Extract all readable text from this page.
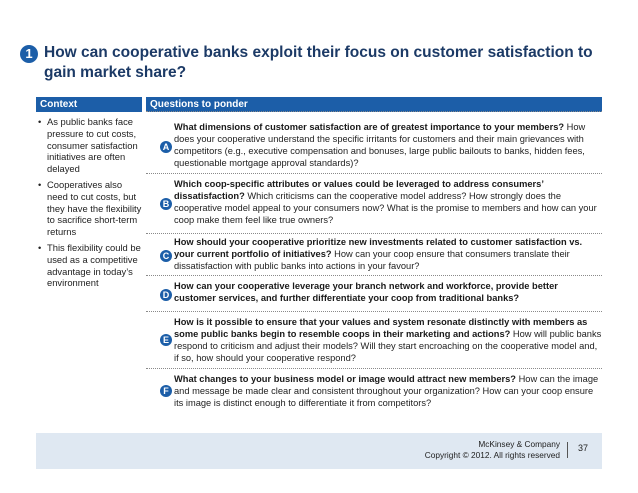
1 How can cooperative banks exploit their focus on customer satisfaction to gain market share?
Context	Questions to ponder
• As public banks face pressure to cut costs, consumer satisfaction initiatives are often delayed
• Cooperatives also need to cut costs, but they have the flexibility to sacrifice short-term returns
• This flexibility could be used as a competitive advantage in today’s environment
A
What dimensions of customer satisfaction are of greatest importance to your members? How does your cooperative understand the specific irritants for customers and their main grievances with competitors (e.g., executive compensation and bonuses, large public bailouts to banks, hidden fees, questionable mortgage approval standards)?
B
Which coop-specific attributes or values could be leveraged to address consumers’ dissatisfaction? Which criticisms can the cooperative model address? How strongly does the cooperative model appeal to your consumers now? What is the promise to members and how can your coop make them feel like true owners?
C
How should your cooperative prioritize new investments related to customer satisfaction vs. your current portfolio of initiatives? How can your coop ensure that consumers translate their dissatisfaction with public banks into actions in your favour?
D
How can your cooperative leverage your branch network and workforce, provide better customer services, and further differentiate your coop from traditional banks?
E
How is it possible to ensure that your values and system resonate distinctly with members as some public banks begin to resemble coops in their marketing and actions? How will public banks respond to criticism and adjust their models? Will they start encroaching on the cooperative model and, if so, how should your cooperative respond?
F
What changes to your business model or image would attract new members? How can the image and message be made clear and consistent throughout your organization? How can your coop ensure its image is distinct enough to differentiate it from competitors?
McKinsey & Company
Copyright © 2012. All rights reserved
37
